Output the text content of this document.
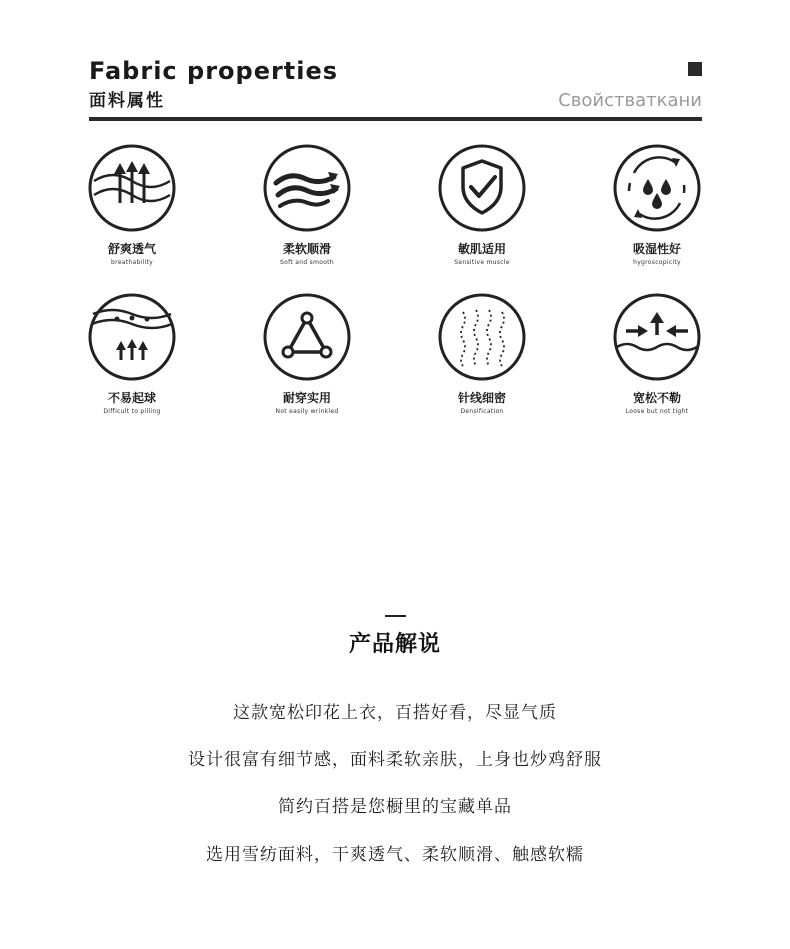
Fabric properties
面料属性	Свойстваткани
舒爽透气
breathability
柔软顺滑
Soft and smooth
敏肌适用
Sensitive muscle
吸湿性好
hygroscopicity
不易起球
Difficult to pilling
耐穿实用
Not easily wrinkled
针线细密
Densification
宽松不勒
Loose but not tight
产品解说
这款宽松印花上衣，百搭好看，尽显气质
设计很富有细节感，面料柔软亲肤，上身也炒鸡舒服
简约百搭是您橱里的宝藏单品
选用雪纺面料，干爽透气、柔软顺滑、触感软糯
